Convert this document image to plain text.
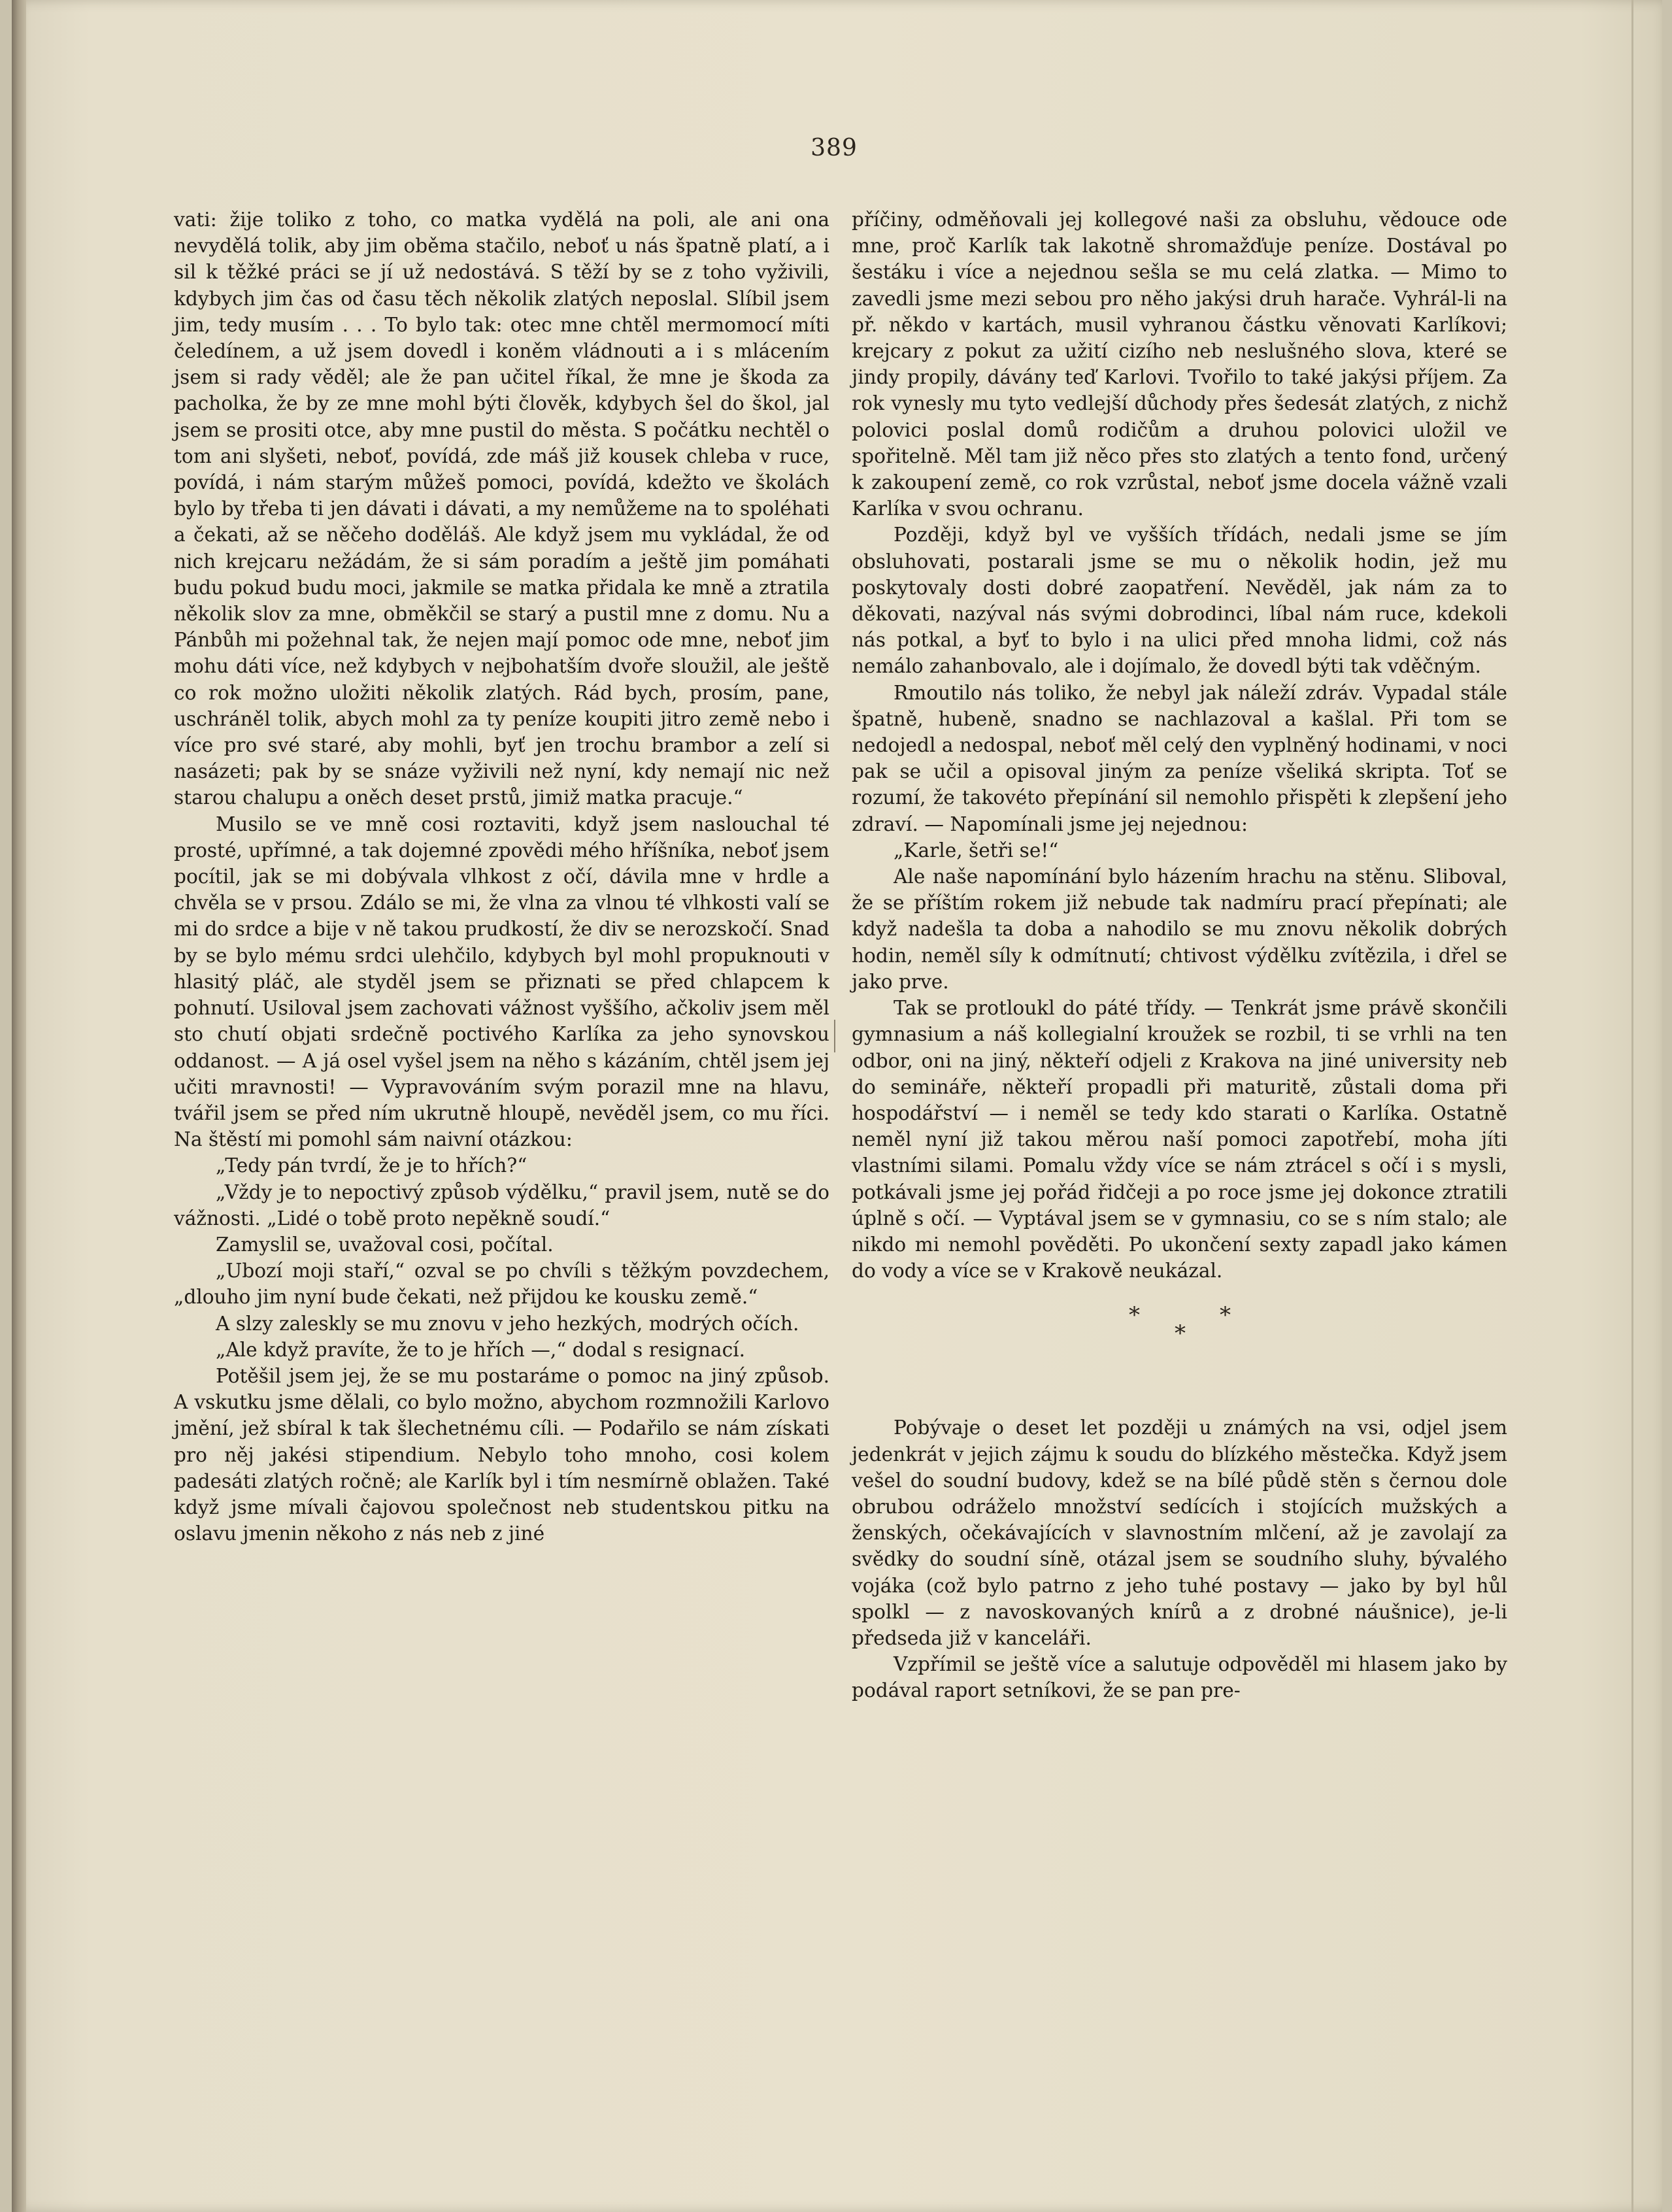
389

vati: žije toliko z toho, co matka vydělá na poli, ale ani ona nevydělá tolik, aby jim oběma stačilo, neboť u nás špatně platí, a i sil k těžké práci se jí už nedostává. S těží by se z toho vyživili, kdybych jim čas od času těch několik zlatých neposlal. Slíbil jsem jim, tedy musím . . . To bylo tak: otec mne chtěl mermomocí míti čeledínem, a už jsem dovedl i koněm vládnouti a i s mlácením jsem si rady věděl; ale že pan učitel říkal, že mne je škoda za pacholka, že by ze mne mohl býti člověk, kdybych šel do škol, jal jsem se prositi otce, aby mne pustil do města. S počátku nechtěl o tom ani slyšeti, neboť, povídá, zde máš již kousek chleba v ruce, povídá, i nám starým můžeš pomoci, povídá, kdežto ve školách bylo by třeba ti jen dávati i dávati, a my nemůžeme na to spoléhati a čekati, až se něčeho doděláš. Ale když jsem mu vykládal, že od nich krejcaru nežádám, že si sám poradím a ještě jim pomáhati budu pokud budu moci, jakmile se matka přidala ke mně a ztratila několik slov za mne, obměkčil se starý a pustil mne z domu. Nu a Pánbůh mi požehnal tak, že nejen mají pomoc ode mne, neboť jim mohu dáti více, než kdybych v nejbohatším dvoře sloužil, ale ještě co rok možno uložiti několik zlatých. Rád bych, prosím, pane, uschráněl tolik, abych mohl za ty peníze koupiti jitro země nebo i více pro své staré, aby mohli, byť jen trochu brambor a zelí si nasázeti; pak by se snáze vyživili než nyní, kdy nemají nic než starou chalupu a oněch deset prstů, jimiž matka pracuje.“

Musilo se ve mně cosi roztaviti, když jsem naslouchal té prosté, upřímné, a tak dojemné zpovědi mého hříšníka, neboť jsem pocítil, jak se mi dobývala vlhkost z očí, dávila mne v hrdle a chvěla se v prsou. Zdálo se mi, že vlna za vlnou té vlhkosti valí se mi do srdce a bije v ně takou prudkostí, že div se nerozskočí. Snad by se bylo mému srdci ulehčilo, kdybych byl mohl propuknouti v hlasitý pláč, ale styděl jsem se přiznati se před chlapcem k pohnutí. Usiloval jsem zachovati vážnost vyššího, ačkoliv jsem měl sto chutí objati srdečně poctivého Karlíka za jeho synovskou oddanost. — A já osel vyšel jsem na něho s kázáním, chtěl jsem jej učiti mravnosti! — Vypravováním svým porazil mne na hlavu, tvářil jsem se před ním ukrutně hloupě, nevěděl jsem, co mu říci. Na štěstí mi pomohl sám naivní otázkou:

„Tedy pán tvrdí, že je to hřích?“

„Vždy je to nepoctivý způsob výdělku,“ pravil jsem, nutě se do vážnosti. „Lidé o tobě proto nepěkně soudí.“

Zamyslil se, uvažoval cosi, počítal.

„Ubozí moji staří,“ ozval se po chvíli s těžkým povzdechem, „dlouho jim nyní bude čekati, než přijdou ke kousku země.“

A slzy zaleskly se mu znovu v jeho hezkých, modrých očích.

„Ale když pravíte, že to je hřích —,“ dodal s resignací.

Potěšil jsem jej, že se mu postaráme o pomoc na jiný způsob. A vskutku jsme dělali, co bylo možno, abychom rozmnožili Karlovo jmění, jež sbíral k tak šlechetnému cíli. — Podařilo se nám získati pro něj jakési stipendium. Nebylo toho mnoho, cosi kolem padesáti zlatých ročně; ale Karlík byl i tím nesmírně oblažen. Také když jsme mívali čajovou společnost neb studentskou pitku na oslavu jmenin někoho z nás neb z jiné

příčiny, odměňovali jej kollegové naši za obsluhu, vědouce ode mne, proč Karlík tak lakotně shromažďuje peníze. Dostával po šestáku i více a nejednou sešla se mu celá zlatka. — Mimo to zavedli jsme mezi sebou pro něho jakýsi druh harače. Vyhrál-li na př. někdo v kartách, musil vyhranou částku věnovati Karlíkovi; krejcary z pokut za užití cizího neb neslušného slova, které se jindy propily, dávány teď Karlovi. Tvořilo to také jakýsi příjem. Za rok vynesly mu tyto vedlejší důchody přes šedesát zlatých, z nichž polovici poslal domů rodičům a druhou polovici uložil ve spořitelně. Měl tam již něco přes sto zlatých a tento fond, určený k zakoupení země, co rok vzrůstal, neboť jsme docela vážně vzali Karlíka v svou ochranu.

Později, když byl ve vyšších třídách, nedali jsme se jím obsluhovati, postarali jsme se mu o několik hodin, jež mu poskytovaly dosti dobré zaopatření. Nevěděl, jak nám za to děkovati, nazýval nás svými dobrodinci, líbal nám ruce, kdekoli nás potkal, a byť to bylo i na ulici před mnoha lidmi, což nás nemálo zahanbovalo, ale i dojímalo, že dovedl býti tak vděčným.

Rmoutilo nás toliko, že nebyl jak náleží zdráv. Vypadal stále špatně, hubeně, snadno se nachlazoval a kašlal. Při tom se nedojedl a nedospal, neboť měl celý den vyplněný hodinami, v noci pak se učil a opisoval jiným za peníze všeliká skripta. Toť se rozumí, že takovéto přepínání sil nemohlo přispěti k zlepšení jeho zdraví. — Napomínali jsme jej nejednou:

„Karle, šetři se!“

Ale naše napomínání bylo házením hrachu na stěnu. Sliboval, že se příštím rokem již nebude tak nadmíru prací přepínati; ale když nadešla ta doba a nahodilo se mu znovu několik dobrých hodin, neměl síly k odmítnutí; chtivost výdělku zvítězila, i dřel se jako prve.

Tak se protloukl do páté třídy. — Tenkrát jsme právě skončili gymnasium a náš kollegialní kroužek se rozbil, ti se vrhli na ten odbor, oni na jiný, někteří odjeli z Krakova na jiné university neb do semináře, někteří propadli při maturitě, zůstali doma při hospodářství — i neměl se tedy kdo starati o Karlíka. Ostatně neměl nyní již takou měrou naší pomoci zapotřebí, moha jíti vlastními silami. Pomalu vždy více se nám ztrácel s očí i s mysli, potkávali jsme jej pořád řidčeji a po roce jsme jej dokonce ztratili úplně s očí. — Vyptával jsem se v gymnasiu, co se s ním stalo; ale nikdo mi nemohl pověděti. Po ukončení sexty zapadl jako kámen do vody a více se v Krakově neukázal.

*
*
*

Pobývaje o deset let později u známých na vsi, odjel jsem jedenkrát v jejich zájmu k soudu do blízkého městečka. Když jsem vešel do soudní budovy, kdež se na bílé půdě stěn s černou dole obrubou odráželo množství sedících i stojících mužských a ženských, očekávajících v slavnostním mlčení, až je zavolají za svědky do soudní síně, otázal jsem se soudního sluhy, bývalého vojáka (což bylo patrno z jeho tuhé postavy — jako by byl hůl spolkl — z navoskovaných knírů a z drobné náušnice), je-li předseda již v kanceláři.

Vzpřímil se ještě více a salutuje odpověděl mi hlasem jako by podával raport setníkovi, že se pan pre-
